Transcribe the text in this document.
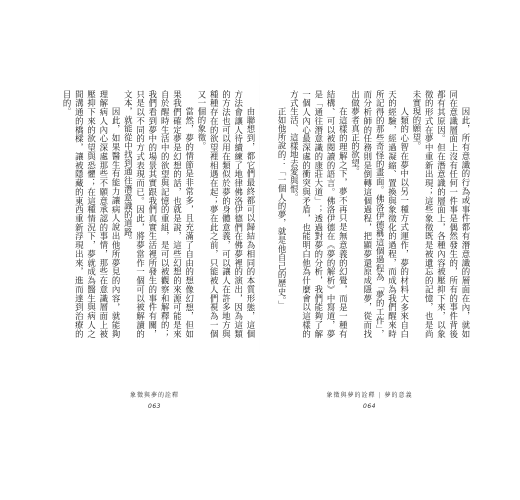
由聯想到，都它們最終都可以歸結為相同的本質形態，這個方法會讓人待續練了地律佛洛伊德們在佛夢裡的演出，因為這類的方法也可以用在類似於夢的身體意義，可以讓人在許多地方與種種存在的欲望裡相遇在起；夢在此之前，只能被人們視為一個又一個的象徵。

當然，夢的情節是非常多，且充滿了自由的想像幻想，但如果我們確定夢是幻想的話，也就是說，這些幻想的來源可能是來自於醒時生活中的欲望與記憶的重組，是可以被觀察和解釋的；我們看到夢中的場景其實跟我們真實生活裡所發生的事件有關，只是以不同的方式表現而已。因此，將夢當作一個可以被解讀的文本，就能從中找到通往潛意識的道路。

因此，如果醫生有能力讓病人說出他所夢見的內容，就能夠理解病人內心深處那些不願意承認的事情，那些在意識層面上被壓抑下來的欲望與恐懼；在這種情況下，夢就成為醫生與病人之間溝通的橋樑，讓被隱藏的東西重新浮現出來，進而達到治療的目的。

象徵與夢的詮釋
063

因此，所有意識的行為或事件都有潛意識的層面在內，就如同在意識層面上沒有任何一件事是偶然發生的，所有的事件背後都有其原因。但在潛意識的層面上，各種內容被壓抑下來，以象徵的形式在夢中重新出現；這些象徵既是被遺忘的記憶，也是尚未實現的願望。

人類的心智在夢中以另一種方式運作，夢的材料大多來自白天的經驗，經過凝縮、置換與象徵化的過程，而成為我們醒來時所記得的那些奇怪的畫面。佛洛伊德稱這個過程為「夢的工作」，而分析師的任務則是倒轉這個過程，把顯夢還原成隱夢，從而找出做夢者真正的欲望。

在這樣的理解之下，夢不再只是無意義的幻覺，而是一種有結構、可以被閱讀的語言。佛洛伊德在《夢的解析》中寫道，夢是「通往潛意識的康莊大道」；透過對夢的分析，我們能夠了解一個人內心最深處的衝突與矛盾，也能明白他為什麼會以這樣的方式生活、這樣地去愛與恨。

正如他所說的：「一個人的夢，就是他自己的歷史。」

象徵與夢的詮釋 | 夢的意義
064
